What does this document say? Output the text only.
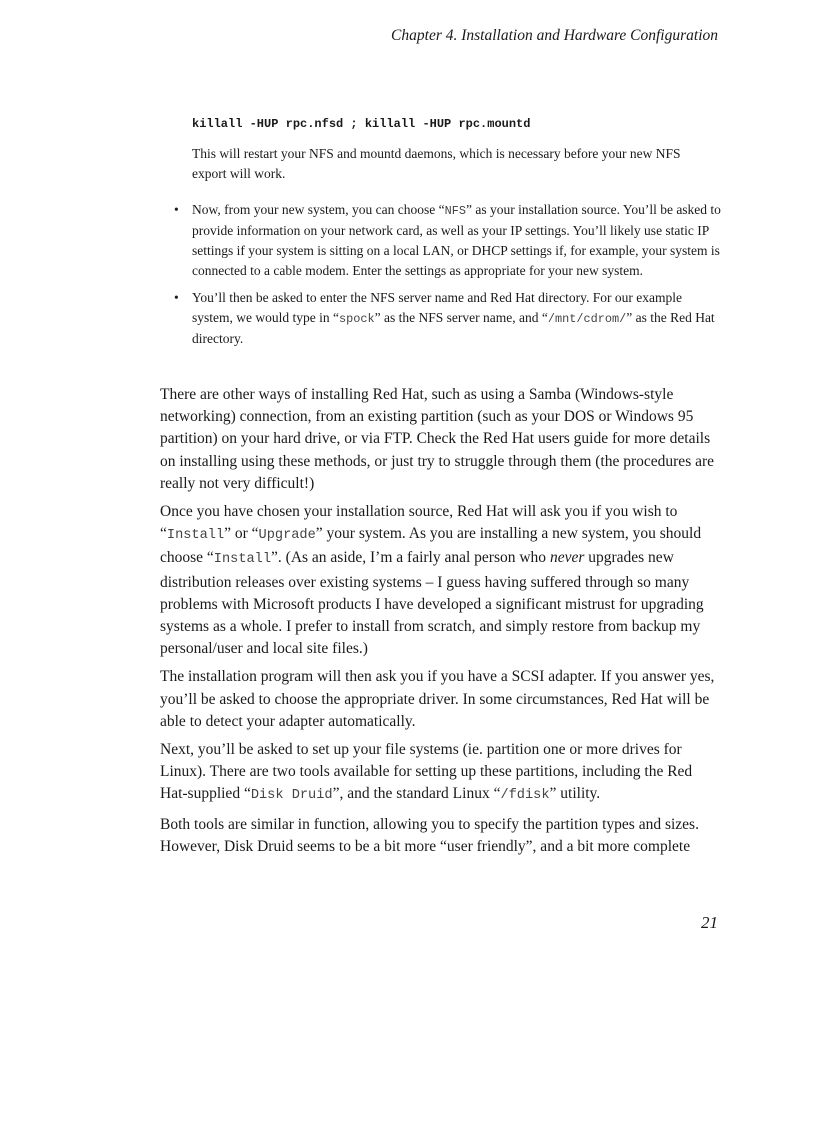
Chapter 4. Installation and Hardware Configuration
killall -HUP rpc.nfsd ; killall -HUP rpc.mountd

This will restart your NFS and mountd daemons, which is necessary before your new NFS export will work.

• Now, from your new system, you can choose “NFS” as your installation source. You’ll be asked to provide information on your network card, as well as your IP settings. You’ll likely use static IP settings if your system is sitting on a local LAN, or DHCP settings if, for example, your system is connected to a cable modem. Enter the settings as appropriate for your new system.
• You’ll then be asked to enter the NFS server name and Red Hat directory. For our example system, we would type in “spock” as the NFS server name, and “/mnt/cdrom/” as the Red Hat directory.

There are other ways of installing Red Hat, such as using a Samba (Windows-style networking) connection, from an existing partition (such as your DOS or Windows 95 partition) on your hard drive, or via FTP. Check the Red Hat users guide for more details on installing using these methods, or just try to struggle through them (the procedures are really not very difficult!)

Once you have chosen your installation source, Red Hat will ask you if you wish to “Install” or “Upgrade” your system. As you are installing a new system, you should choose “Install”. (As an aside, I’m a fairly anal person who never upgrades new distribution releases over existing systems – I guess having suffered through so many problems with Microsoft products I have developed a significant mistrust for upgrading systems as a whole. I prefer to install from scratch, and simply restore from backup my personal/user and local site files.)

The installation program will then ask you if you have a SCSI adapter. If you answer yes, you’ll be asked to choose the appropriate driver. In some circumstances, Red Hat will be able to detect your adapter automatically.

Next, you’ll be asked to set up your file systems (ie. partition one or more drives for Linux). There are two tools available for setting up these partitions, including the Red Hat-supplied “Disk Druid”, and the standard Linux “/fdisk” utility.

Both tools are similar in function, allowing you to specify the partition types and sizes. However, Disk Druid seems to be a bit more “user friendly”, and a bit more complete

21
